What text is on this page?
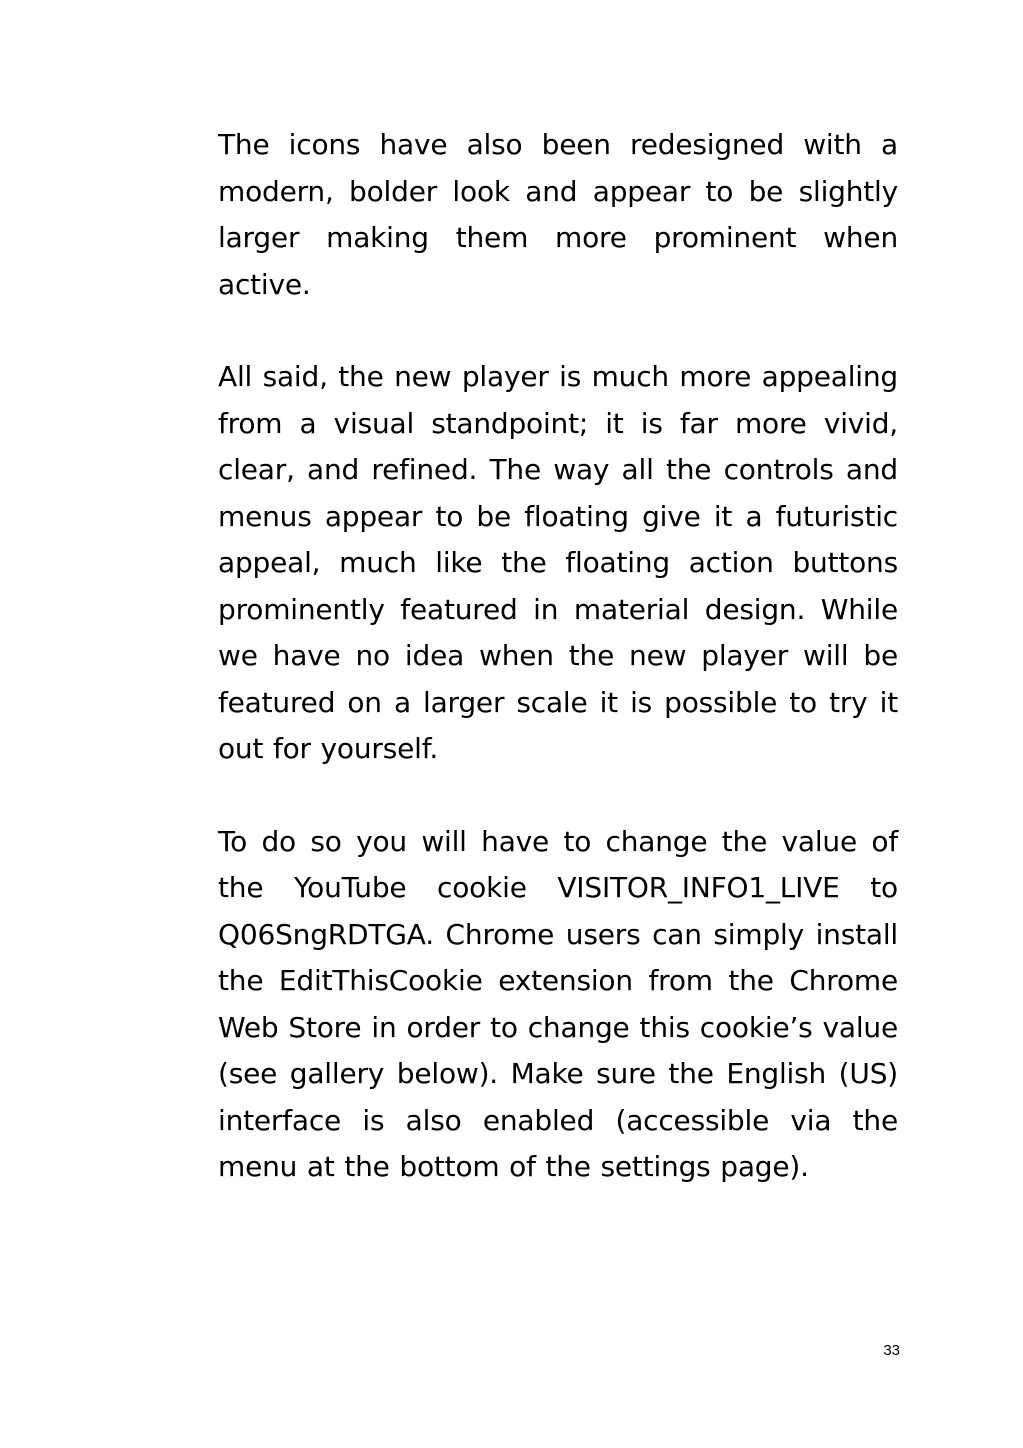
The icons have also been redesigned with a modern, bolder look and appear to be slightly larger making them more prominent when active.

All said, the new player is much more appealing from a visual standpoint; it is far more vivid, clear, and refined. The way all the controls and menus appear to be floating give it a futuristic appeal, much like the floating action buttons prominently featured in material design. While we have no idea when the new player will be featured on a larger scale it is possible to try it out for yourself.

To do so you will have to change the value of the YouTube cookie VISITOR_INFO1_LIVE to Q06SngRDTGA. Chrome users can simply install the EditThisCookie extension from the Chrome Web Store in order to change this cookie’s value (see gallery below). Make sure the English (US) interface is also enabled (accessible via the menu at the bottom of the settings page).

33
